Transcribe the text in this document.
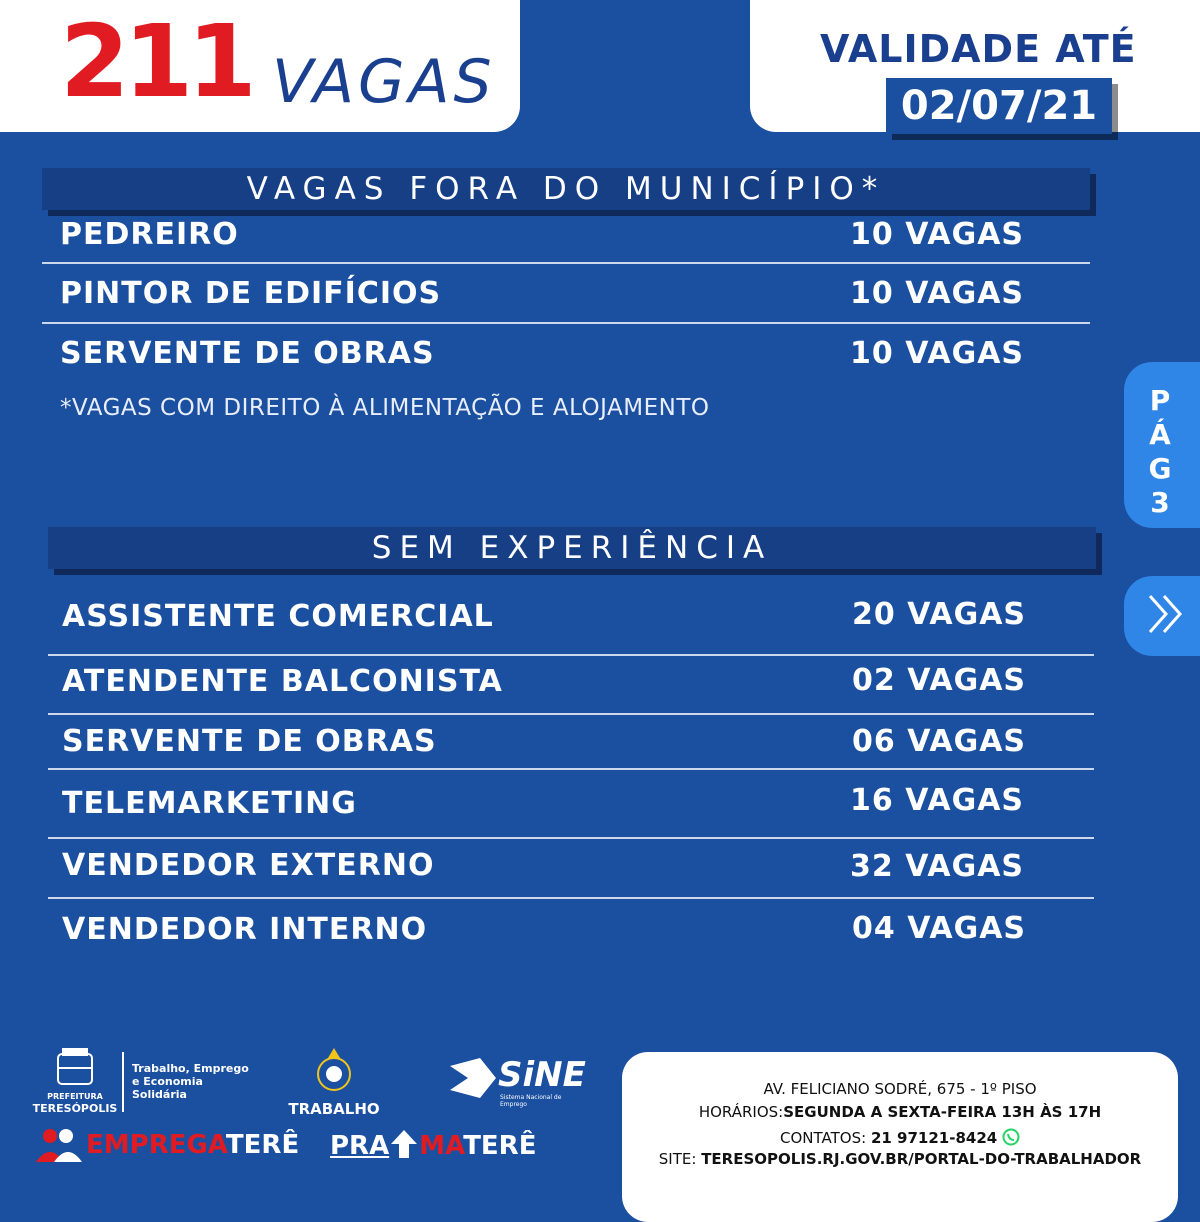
211 VAGAS	VALIDADE ATÉ
02/07/21
VAGAS FORA DO MUNICÍPIO*
PEDREIRO	10 VAGAS
PINTOR DE EDIFÍCIOS	10 VAGAS
SERVENTE DE OBRAS	10 VAGAS
*VAGAS COM DIREITO À ALIMENTAÇÃO E ALOJAMENTO
SEM EXPERIÊNCIA
ASSISTENTE COMERCIAL	20 VAGAS
ATENDENTE BALCONISTA	02 VAGAS
SERVENTE DE OBRAS	06 VAGAS
TELEMARKETING	16 VAGAS
VENDEDOR EXTERNO	32 VAGAS
VENDEDOR INTERNO	04 VAGAS
PÁG 3
PREFEITURA
TERESÓPOLIS
Trabalho, Emprego e Economia Solidária
TRABALHO
SiNE
Sistema Nacional de Emprego
EMPREGATERÊ PRA MATERÊ
AV. FELICIANO SODRÉ, 675 - 1º PISO
HORÁRIOS:SEGUNDA A SEXTA-FEIRA 13H ÀS 17H
CONTATOS: 21 97121-8424
SITE: TERESOPOLIS.RJ.GOV.BR/PORTAL-DO-TRABALHADOR
